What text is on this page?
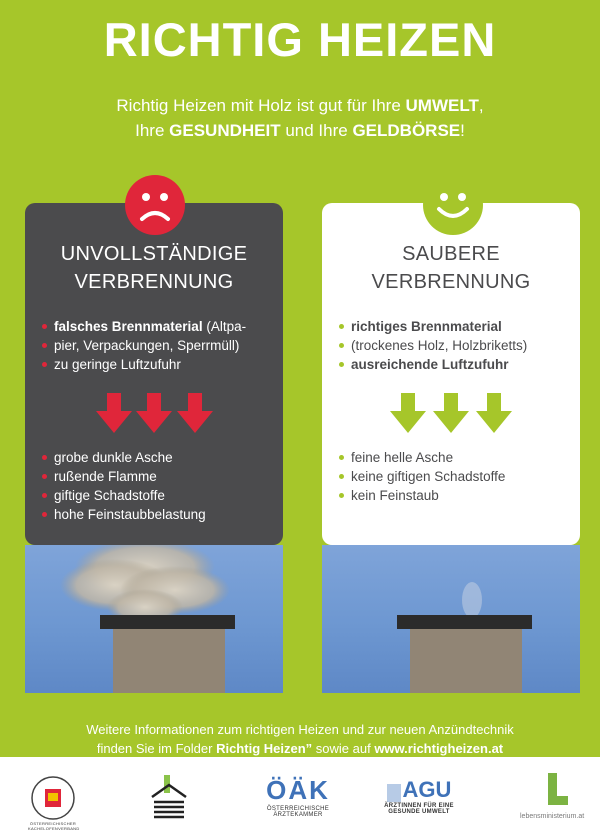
RICHTIG HEIZEN
Richtig Heizen mit Holz ist gut für Ihre UMWELT,
Ihre GESUNDHEIT und Ihre GELDBÖRSE!
UNVOLLSTÄNDIGE
VERBRENNUNG
falsches Brennmaterial (Altpa-
pier, Verpackungen, Sperrmüll)
zu geringe Luftzufuhr
grobe dunkle Asche
rußende Flamme
giftige Schadstoffe
hohe Feinstaubbelastung
SAUBERE
VERBRENNUNG
richtiges Brennmaterial
(trockenes Holz, Holzbriketts)
ausreichende Luftzufuhr
feine helle Asche
keine giftigen Schadstoffe
kein Feinstaub
Weitere Informationen zum richtigen Heizen und zur neuen Anzündtechnik
finden Sie im Folder Richtig Heizen” sowie auf www.richtigheizen.at
ÖSTERREICHISCHER KACHELOFENVERBAND
ÖÄK
ÖSTERREICHISCHE
ÄRZTEKAMMER
AGU
ÄRZTINNEN FÜR EINE
GESUNDE UMWELT
lebensministerium.at
